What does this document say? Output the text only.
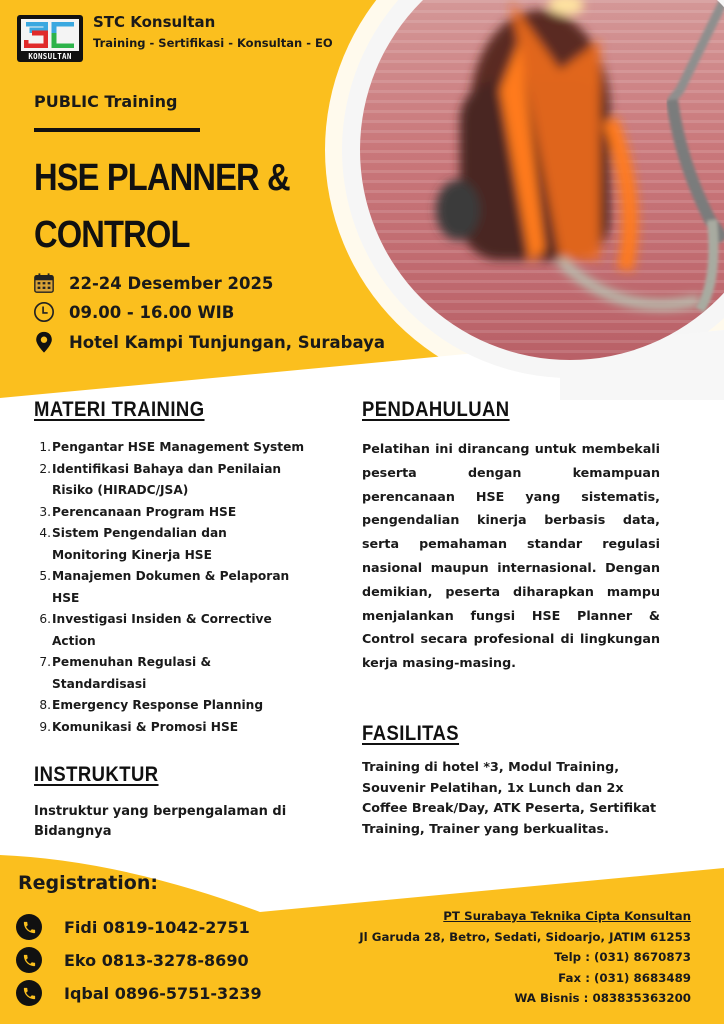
KONSULTAN
STC Konsultan
Training - Sertifikasi - Konsultan - EO
PUBLIC Training
HSE PLANNER &
CONTROL
22-24 Desember 2025
09.00 - 16.00 WIB
Hotel Kampi Tunjungan, Surabaya
MATERI TRAINING
1. Pengantar HSE Management System
2. Identifikasi Bahaya dan Penilaian
Risiko (HIRADC/JSA)
3. Perencanaan Program HSE
4. Sistem Pengendalian dan
Monitoring Kinerja HSE
5. Manajemen Dokumen & Pelaporan
HSE
6. Investigasi Insiden & Corrective
Action
7. Pemenuhan Regulasi &
Standardisasi
8. Emergency Response Planning
9. Komunikasi & Promosi HSE
INSTRUKTUR
Instruktur yang berpengalaman di Bidangnya
PENDAHULUAN
Pelatihan ini dirancang untuk membekali peserta dengan kemampuan perencanaan HSE yang sistematis, pengendalian kinerja berbasis data, serta pemahaman standar regulasi nasional maupun internasional. Dengan demikian, peserta diharapkan mampu menjalankan fungsi HSE Planner & Control secara profesional di lingkungan kerja masing-masing.
FASILITAS
Training di hotel *3, Modul Training, Souvenir Pelatihan, 1x Lunch dan 2x Coffee Break/Day, ATK Peserta, Sertifikat Training, Trainer yang berkualitas.
Registration:
Fidi 0819-1042-2751
Eko 0813-3278-8690
Iqbal 0896-5751-3239
PT Surabaya Teknika Cipta Konsultan
Jl Garuda 28, Betro, Sedati, Sidoarjo, JATIM 61253
Telp : (031) 8670873
Fax : (031) 8683489
WA Bisnis : 083835363200
